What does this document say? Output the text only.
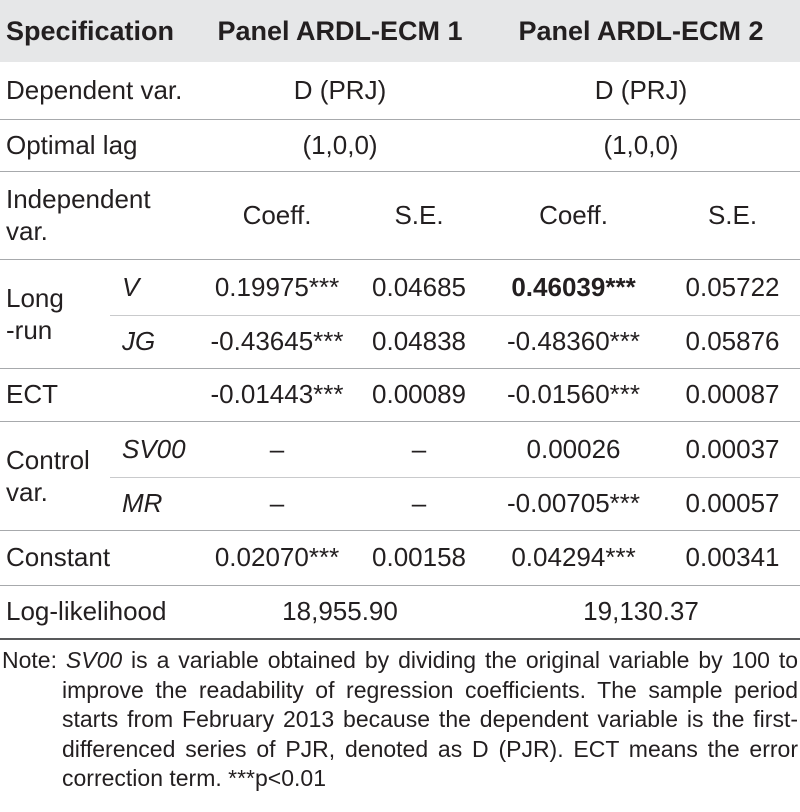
Specification		Panel ARDL-ECM 1		Panel ARDL-ECM 2	
Dependent var.		D (PRJ)		D (PRJ)	
Optimal lag		(1,0,0)		(1,0,0)	
Independent var.		Coeff.	S.E.	Coeff.	S.E.
Long
-run	V	0.19975***	0.04685	0.46039***	0.05722
	JG	-0.43645***	0.04838	-0.48360***	0.05876
ECT		-0.01443***	0.00089	-0.01560***	0.00087
Control
var.	SV00	–	–	0.00026	0.00037
	MR	–	–	-0.00705***	0.00057
Constant		0.02070***	0.00158	0.04294***	0.00341
Log-likelihood		18,955.90		19,130.37	
Note: SV00 is a variable obtained by dividing the original variable by 100 to improve the readability of regression coefficients. The sample period starts from February 2013 because the dependent variable is the first-differenced series of PJR, denoted as D (PJR). ECT means the error correction term. ***p<0.01
